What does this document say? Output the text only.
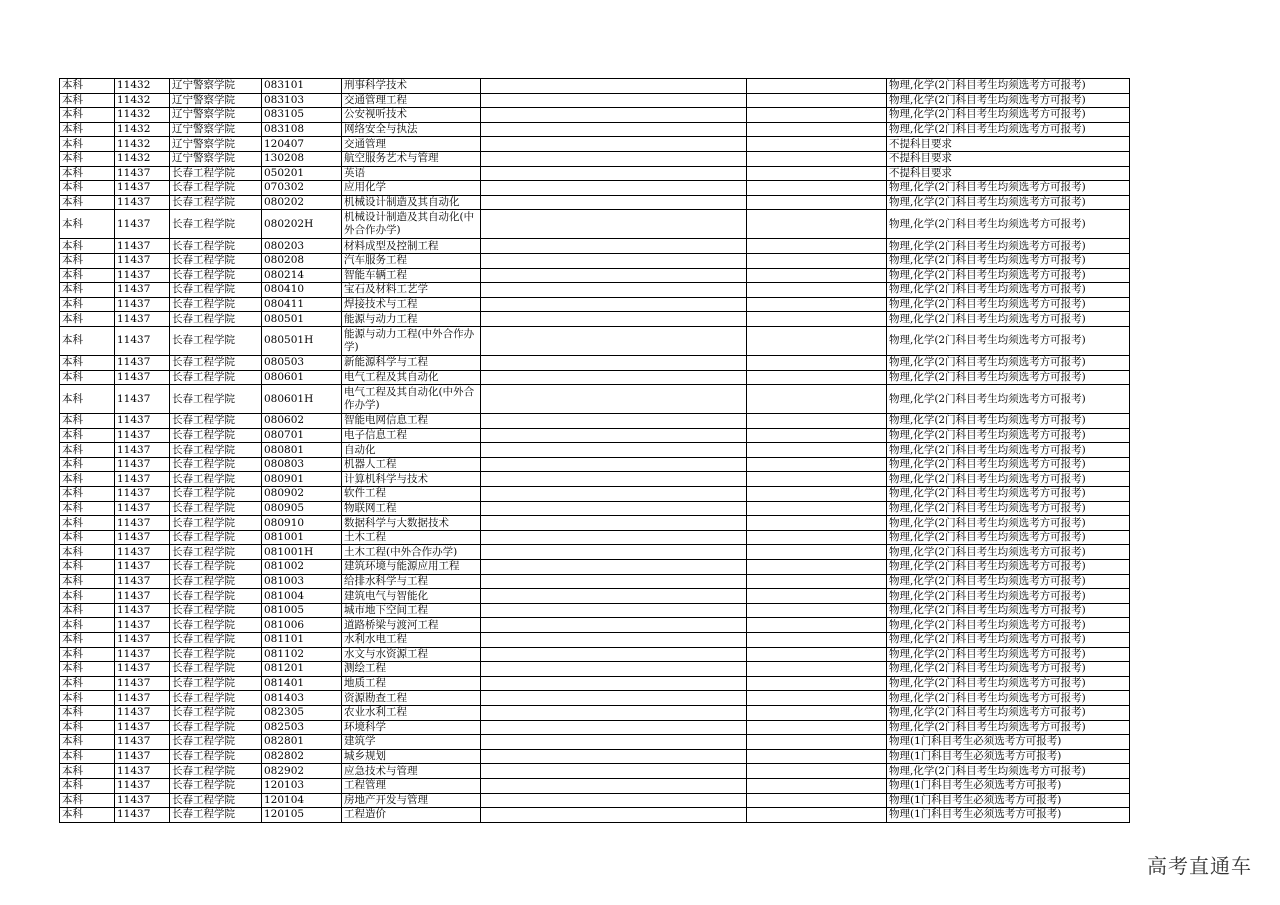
本科	11432	辽宁警察学院	083101	刑事科学技术			物理,化学(2门科目考生均须选考方可报考)
本科	11432	辽宁警察学院	083103	交通管理工程			物理,化学(2门科目考生均须选考方可报考)
本科	11432	辽宁警察学院	083105	公安视听技术			物理,化学(2门科目考生均须选考方可报考)
本科	11432	辽宁警察学院	083108	网络安全与执法			物理,化学(2门科目考生均须选考方可报考)
本科	11432	辽宁警察学院	120407	交通管理			不提科目要求
本科	11432	辽宁警察学院	130208	航空服务艺术与管理			不提科目要求
本科	11437	长春工程学院	050201	英语			不提科目要求
本科	11437	长春工程学院	070302	应用化学			物理,化学(2门科目考生均须选考方可报考)
本科	11437	长春工程学院	080202	机械设计制造及其自动化			物理,化学(2门科目考生均须选考方可报考)
本科	11437	长春工程学院	080202H	机械设计制造及其自动化(中外合作办学)			物理,化学(2门科目考生均须选考方可报考)
本科	11437	长春工程学院	080203	材料成型及控制工程			物理,化学(2门科目考生均须选考方可报考)
本科	11437	长春工程学院	080208	汽车服务工程			物理,化学(2门科目考生均须选考方可报考)
本科	11437	长春工程学院	080214	智能车辆工程			物理,化学(2门科目考生均须选考方可报考)
本科	11437	长春工程学院	080410	宝石及材料工艺学			物理,化学(2门科目考生均须选考方可报考)
本科	11437	长春工程学院	080411	焊接技术与工程			物理,化学(2门科目考生均须选考方可报考)
本科	11437	长春工程学院	080501	能源与动力工程			物理,化学(2门科目考生均须选考方可报考)
本科	11437	长春工程学院	080501H	能源与动力工程(中外合作办学)			物理,化学(2门科目考生均须选考方可报考)
本科	11437	长春工程学院	080503	新能源科学与工程			物理,化学(2门科目考生均须选考方可报考)
本科	11437	长春工程学院	080601	电气工程及其自动化			物理,化学(2门科目考生均须选考方可报考)
本科	11437	长春工程学院	080601H	电气工程及其自动化(中外合作办学)			物理,化学(2门科目考生均须选考方可报考)
本科	11437	长春工程学院	080602	智能电网信息工程			物理,化学(2门科目考生均须选考方可报考)
本科	11437	长春工程学院	080701	电子信息工程			物理,化学(2门科目考生均须选考方可报考)
本科	11437	长春工程学院	080801	自动化			物理,化学(2门科目考生均须选考方可报考)
本科	11437	长春工程学院	080803	机器人工程			物理,化学(2门科目考生均须选考方可报考)
本科	11437	长春工程学院	080901	计算机科学与技术			物理,化学(2门科目考生均须选考方可报考)
本科	11437	长春工程学院	080902	软件工程			物理,化学(2门科目考生均须选考方可报考)
本科	11437	长春工程学院	080905	物联网工程			物理,化学(2门科目考生均须选考方可报考)
本科	11437	长春工程学院	080910	数据科学与大数据技术			物理,化学(2门科目考生均须选考方可报考)
本科	11437	长春工程学院	081001	土木工程			物理,化学(2门科目考生均须选考方可报考)
本科	11437	长春工程学院	081001H	土木工程(中外合作办学)			物理,化学(2门科目考生均须选考方可报考)
本科	11437	长春工程学院	081002	建筑环境与能源应用工程			物理,化学(2门科目考生均须选考方可报考)
本科	11437	长春工程学院	081003	给排水科学与工程			物理,化学(2门科目考生均须选考方可报考)
本科	11437	长春工程学院	081004	建筑电气与智能化			物理,化学(2门科目考生均须选考方可报考)
本科	11437	长春工程学院	081005	城市地下空间工程			物理,化学(2门科目考生均须选考方可报考)
本科	11437	长春工程学院	081006	道路桥梁与渡河工程			物理,化学(2门科目考生均须选考方可报考)
本科	11437	长春工程学院	081101	水利水电工程			物理,化学(2门科目考生均须选考方可报考)
本科	11437	长春工程学院	081102	水文与水资源工程			物理,化学(2门科目考生均须选考方可报考)
本科	11437	长春工程学院	081201	测绘工程			物理,化学(2门科目考生均须选考方可报考)
本科	11437	长春工程学院	081401	地质工程			物理,化学(2门科目考生均须选考方可报考)
本科	11437	长春工程学院	081403	资源勘查工程			物理,化学(2门科目考生均须选考方可报考)
本科	11437	长春工程学院	082305	农业水利工程			物理,化学(2门科目考生均须选考方可报考)
本科	11437	长春工程学院	082503	环境科学			物理,化学(2门科目考生均须选考方可报考)
本科	11437	长春工程学院	082801	建筑学			物理(1门科目考生必须选考方可报考)
本科	11437	长春工程学院	082802	城乡规划			物理(1门科目考生必须选考方可报考)
本科	11437	长春工程学院	082902	应急技术与管理			物理,化学(2门科目考生均须选考方可报考)
本科	11437	长春工程学院	120103	工程管理			物理(1门科目考生必须选考方可报考)
本科	11437	长春工程学院	120104	房地产开发与管理			物理(1门科目考生必须选考方可报考)
本科	11437	长春工程学院	120105	工程造价			物理(1门科目考生必须选考方可报考)
高考直通车
